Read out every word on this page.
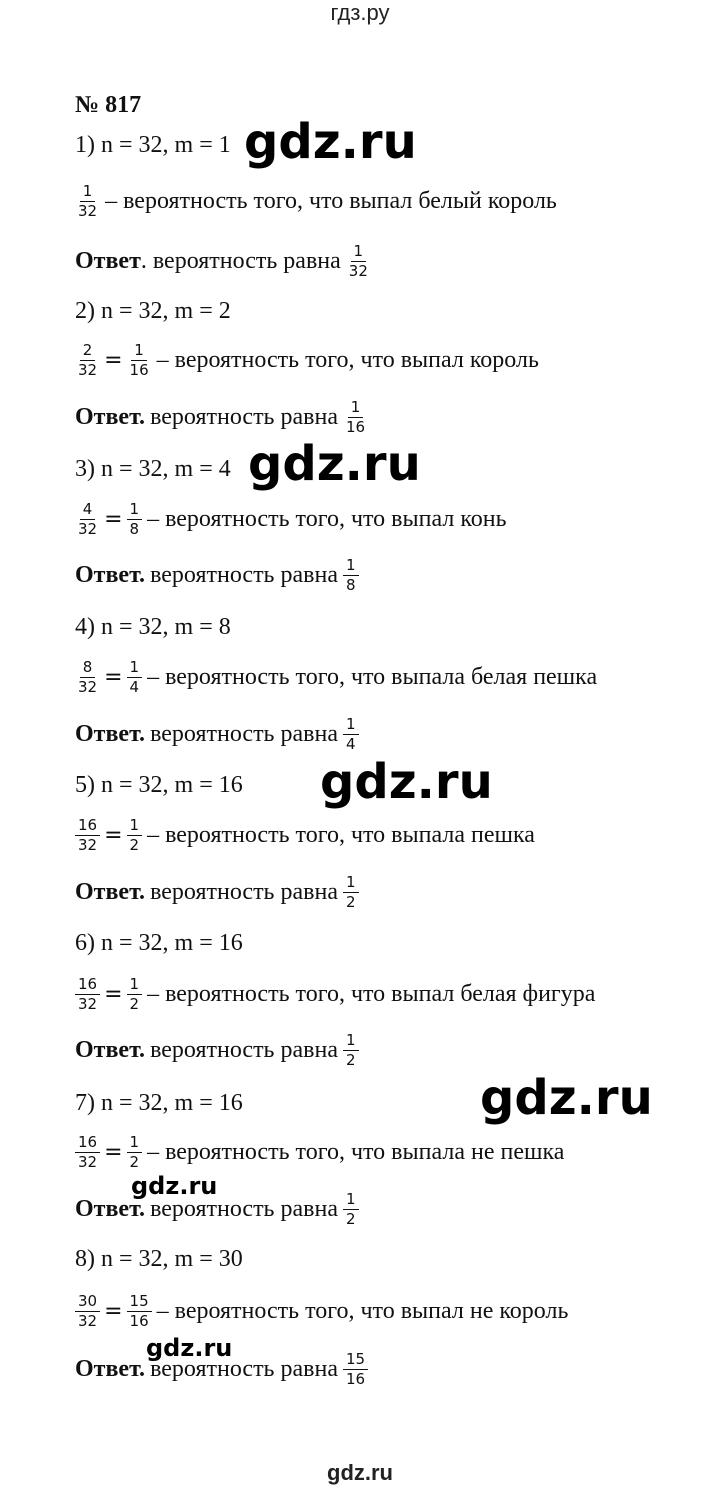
гдз.ру
№ 817
1) n = 32, m = 1
$\frac{1}{32}$ – вероятность того, что выпал белый король
Ответ . вероятность равна $\frac{1}{32}$
2) n = 32, m = 2
$\frac{2}{32} = \frac{1}{16}$ – вероятность того, что выпал король
Ответ. вероятность равна $\frac{1}{16}$
3) n = 32, m = 4
$\frac{4}{32} = \frac{1}{8}$ – вероятность того, что выпал конь
Ответ. вероятность равна $\frac{1}{8}$
4) n = 32, m = 8
$\frac{8}{32} = \frac{1}{4}$ – вероятность того, что выпала белая пешка
Ответ. вероятность равна $\frac{1}{4}$
5) n = 32, m = 16
$\frac{16}{32} = \frac{1}{2}$ – вероятность того, что выпала пешка
Ответ. вероятность равна $\frac{1}{2}$
6) n = 32, m = 16
$\frac{16}{32} = \frac{1}{2}$ – вероятность того, что выпал белая фигура
Ответ. вероятность равна $\frac{1}{2}$
7) n = 32, m = 16
$\frac{16}{32} = \frac{1}{2}$ – вероятность того, что выпала не пешка
Ответ. вероятность равна $\frac{1}{2}$
8) n = 32, m = 30
$\frac{30}{32} = \frac{15}{16}$ – вероятность того, что выпал не король
Ответ. вероятность равна $\frac{15}{16}$
gdz.ru
gdz.ru
gdz.ru
gdz.ru
gdz.ru
gdz.ru
gdz.ru
